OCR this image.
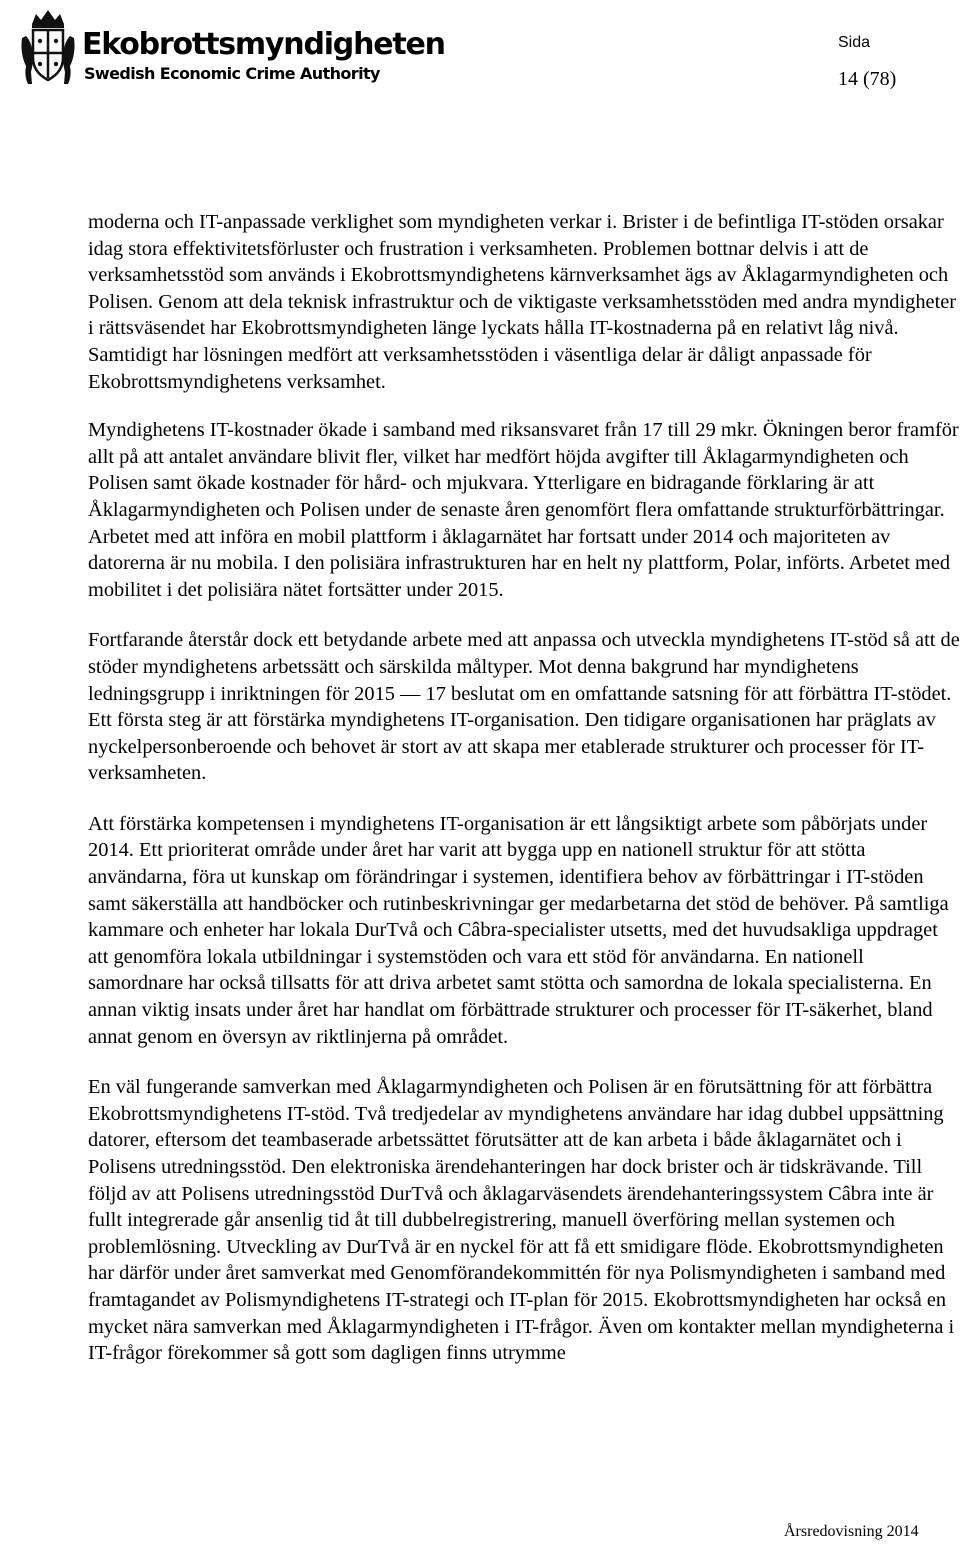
Ekobrottsmyndigheten
Swedish Economic Crime Authority
Sida
14 (78)

moderna och IT-anpassade verklighet som myndigheten verkar i. Brister i de befintliga IT-stöden orsakar idag stora effektivitetsförluster och frustration i verksamheten. Problemen bottnar delvis i att de verksamhetsstöd som används i Ekobrottsmyndighetens kärnverksamhet ägs av Åklagarmyndigheten och Polisen. Genom att dela teknisk infrastruktur och de viktigaste verksamhetsstöden med andra myndigheter i rättsväsendet har Ekobrottsmyndigheten länge lyckats hålla IT-kostnaderna på en relativt låg nivå. Samtidigt har lösningen medfört att verksamhetsstöden i väsentliga delar är dåligt anpassade för Ekobrottsmyndighetens verksamhet.

Myndighetens IT-kostnader ökade i samband med riksansvaret från 17 till 29 mkr. Ökningen beror framför allt på att antalet användare blivit fler, vilket har medfört höjda avgifter till Åklagarmyndigheten och Polisen samt ökade kostnader för hård- och mjukvara. Ytterligare en bidragande förklaring är att Åklagarmyndigheten och Polisen under de senaste åren genomfört flera omfattande strukturförbättringar. Arbetet med att införa en mobil plattform i åklagarnätet har fortsatt under 2014 och majoriteten av datorerna är nu mobila. I den polisiära infrastrukturen har en helt ny plattform, Polar, införts. Arbetet med mobilitet i det polisiära nätet fortsätter under 2015.

Fortfarande återstår dock ett betydande arbete med att anpassa och utveckla myndighetens IT-stöd så att de stöder myndighetens arbetssätt och särskilda måltyper. Mot denna bakgrund har myndighetens ledningsgrupp i inriktningen för 2015 — 17 beslutat om en omfattande satsning för att förbättra IT-stödet. Ett första steg är att förstärka myndighetens IT-organisation. Den tidigare organisationen har präglats av nyckelpersonberoende och behovet är stort av att skapa mer etablerade strukturer och processer för IT-verksamheten.

Att förstärka kompetensen i myndighetens IT-organisation är ett långsiktigt arbete som påbörjats under 2014. Ett prioriterat område under året har varit att bygga upp en nationell struktur för att stötta användarna, föra ut kunskap om förändringar i systemen, identifiera behov av förbättringar i IT-stöden samt säkerställa att handböcker och rutinbeskrivningar ger medarbetarna det stöd de behöver. På samtliga kammare och enheter har lokala DurTvå och Câbra-specialister utsetts, med det huvudsakliga uppdraget att genomföra lokala utbildningar i systemstöden och vara ett stöd för användarna. En nationell samordnare har också tillsatts för att driva arbetet samt stötta och samordna de lokala specialisterna. En annan viktig insats under året har handlat om förbättrade strukturer och processer för IT-säkerhet, bland annat genom en översyn av riktlinjerna på området.

En väl fungerande samverkan med Åklagarmyndigheten och Polisen är en förutsättning för att förbättra Ekobrottsmyndighetens IT-stöd. Två tredjedelar av myndighetens användare har idag dubbel uppsättning datorer, eftersom det teambaserade arbetssättet förutsätter att de kan arbeta i både åklagarnätet och i Polisens utredningsstöd. Den elektroniska ärendehanteringen har dock brister och är tidskrävande. Till följd av att Polisens utredningsstöd DurTvå och åklagarväsendets ärendehanteringssystem Câbra inte är fullt integrerade går ansenlig tid åt till dubbelregistrering, manuell överföring mellan systemen och problemlösning. Utveckling av DurTvå är en nyckel för att få ett smidigare flöde. Ekobrottsmyndigheten har därför under året samverkat med Genomförandekommittén för nya Polismyndigheten i samband med framtagandet av Polismyndighetens IT-strategi och IT-plan för 2015. Ekobrottsmyndigheten har också en mycket nära samverkan med Åklagarmyndigheten i IT-frågor. Även om kontakter mellan myndigheterna i IT-frågor förekommer så gott som dagligen finns utrymme

Årsredovisning 2014
